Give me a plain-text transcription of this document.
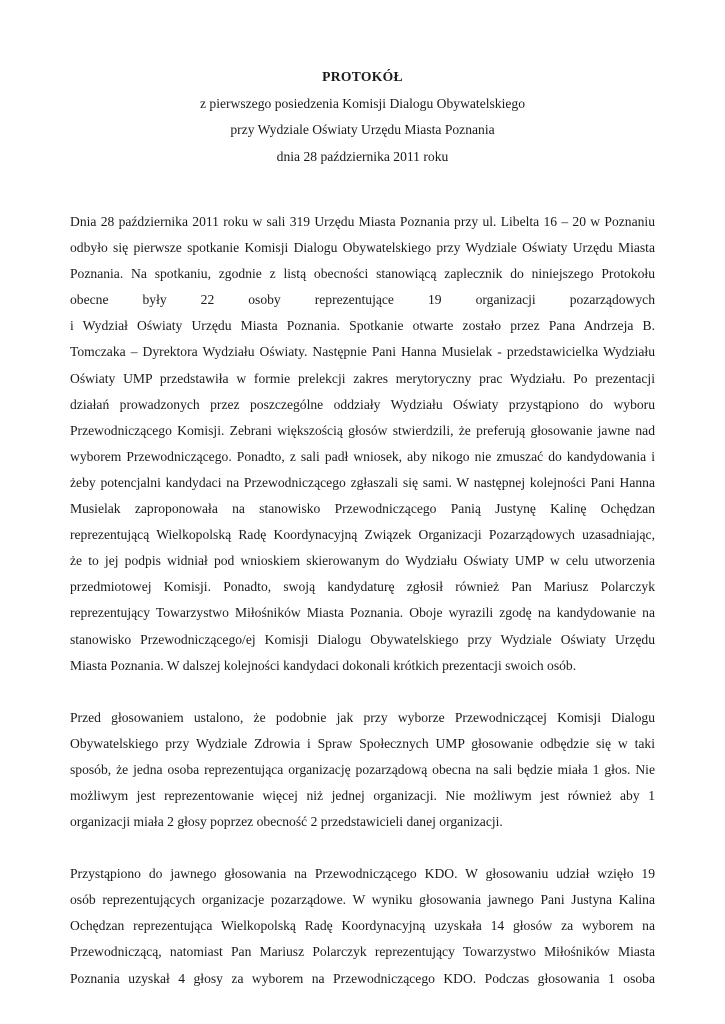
PROTOKÓŁ
z pierwszego posiedzenia Komisji Dialogu Obywatelskiego
przy Wydziale Oświaty Urzędu Miasta Poznania
dnia 28 października 2011 roku
Dnia 28 października 2011 roku w sali 319 Urzędu Miasta Poznania przy ul. Libelta 16 – 20 w Poznaniu
odbyło się pierwsze spotkanie Komisji Dialogu Obywatelskiego przy Wydziale Oświaty Urzędu Miasta
Poznania. Na spotkaniu, zgodnie z listą obecności stanowiącą zaplecznik do niniejszego Protokołu
obecne były 22 osoby reprezentujące 19 organizacji pozarządowych
i Wydział Oświaty Urzędu Miasta Poznania. Spotkanie otwarte zostało przez Pana Andrzeja B.
Tomczaka – Dyrektora Wydziału Oświaty. Następnie Pani Hanna Musielak - przedstawicielka Wydziału
Oświaty UMP przedstawiła w formie prelekcji zakres merytoryczny prac Wydziału. Po prezentacji
działań prowadzonych przez poszczególne oddziały Wydziału Oświaty przystąpiono do wyboru
Przewodniczącego Komisji. Zebrani większością głosów stwierdzili, że preferują głosowanie jawne nad
wyborem Przewodniczącego. Ponadto, z sali padł wniosek, aby nikogo nie zmuszać do kandydowania i
żeby potencjalni kandydaci na Przewodniczącego zgłaszali się sami. W następnej kolejności Pani Hanna
Musielak zaproponowała na stanowisko Przewodniczącego Panią Justynę Kalinę Ochędzan
reprezentującą Wielkopolską Radę Koordynacyjną Związek Organizacji Pozarządowych uzasadniając,
że to jej podpis widniał pod wnioskiem skierowanym do Wydziału Oświaty UMP w celu utworzenia
przedmiotowej Komisji. Ponadto, swoją kandydaturę zgłosił również Pan Mariusz Polarczyk
reprezentujący Towarzystwo Miłośników Miasta Poznania. Oboje wyrazili zgodę na kandydowanie na
stanowisko Przewodniczącego/ej Komisji Dialogu Obywatelskiego przy Wydziale Oświaty Urzędu
Miasta Poznania. W dalszej kolejności kandydaci dokonali krótkich prezentacji swoich osób.
Przed głosowaniem ustalono, że podobnie jak przy wyborze Przewodniczącej Komisji Dialogu
Obywatelskiego przy Wydziale Zdrowia i Spraw Społecznych UMP głosowanie odbędzie się w taki
sposób, że jedna osoba reprezentująca organizację pozarządową obecna na sali będzie miała 1 głos. Nie
możliwym jest reprezentowanie więcej niż jednej organizacji. Nie możliwym jest również aby 1
organizacji miała 2 głosy poprzez obecność 2 przedstawicieli danej organizacji.
Przystąpiono do jawnego głosowania na Przewodniczącego KDO. W głosowaniu udział wzięło 19
osób reprezentujących organizacje pozarządowe. W wyniku głosowania jawnego Pani Justyna Kalina
Ochędzan reprezentująca Wielkopolską Radę Koordynacyjną uzyskała 14 głosów za wyborem na
Przewodniczącą, natomiast Pan Mariusz Polarczyk reprezentujący Towarzystwo Miłośników Miasta
Poznania uzyskał 4 głosy za wyborem na Przewodniczącego KDO. Podczas głosowania 1 osoba
